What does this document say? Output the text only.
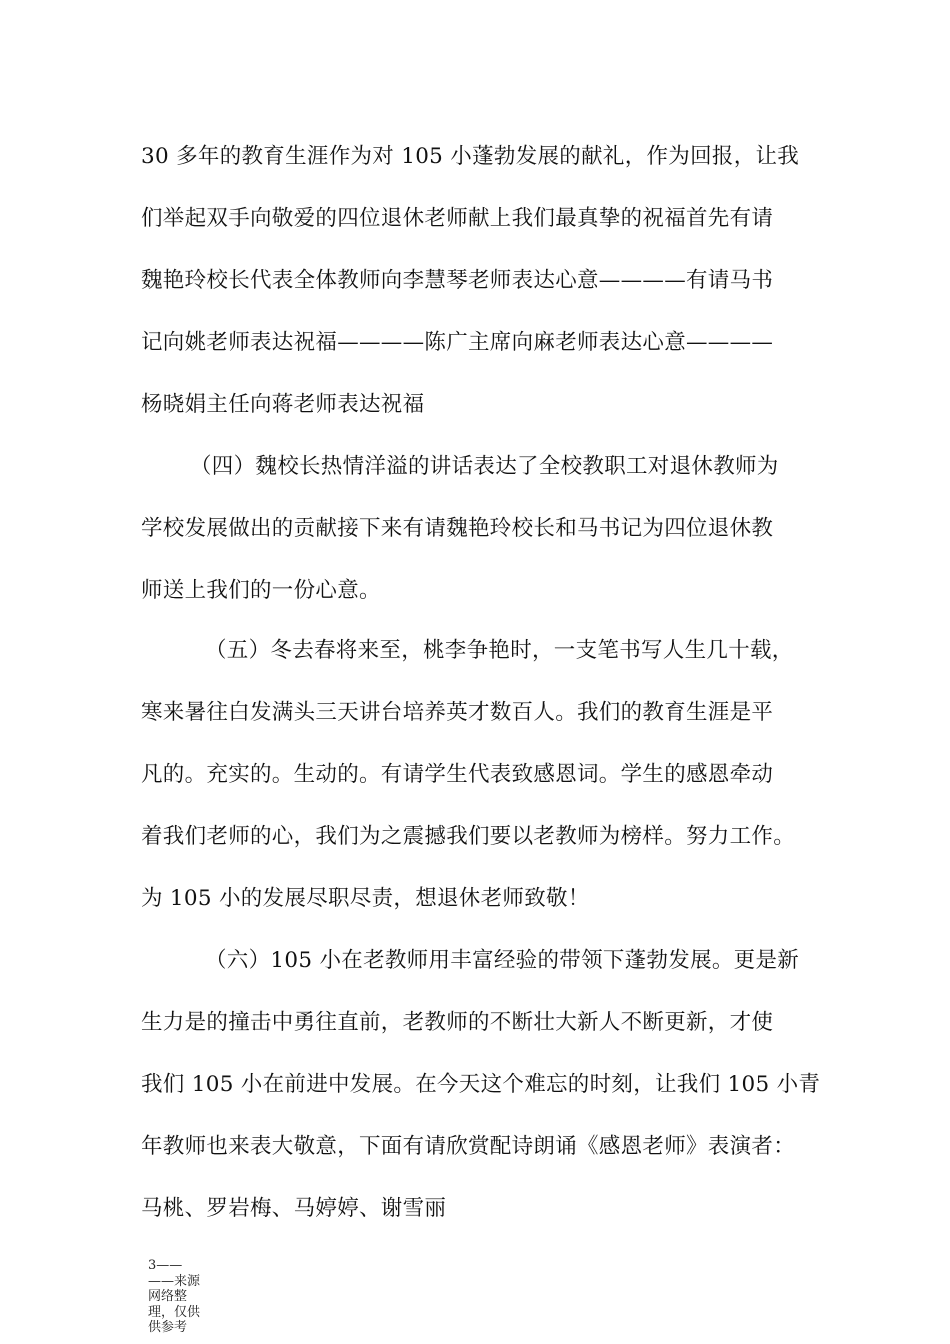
30 多年的教育生涯作为对 105 小蓬勃发展的献礼，作为回报，让我
们举起双手向敬爱的四位退休老师献上我们最真挚的祝福首先有请
魏艳玲校长代表全体教师向李慧琴老师表达心意————有请马书
记向姚老师表达祝福————陈广主席向麻老师表达心意————
杨晓娟主任向蒋老师表达祝福
（四）魏校长热情洋溢的讲话表达了全校教职工对退休教师为
学校发展做出的贡献接下来有请魏艳玲校长和马书记为四位退休教
师送上我们的一份心意。
（五）冬去春将来至，桃李争艳时，一支笔书写人生几十载，
寒来暑往白发满头三天讲台培养英才数百人。我们的教育生涯是平
凡的。充实的。生动的。有请学生代表致感恩词。学生的感恩牵动
着我们老师的心，我们为之震撼我们要以老教师为榜样。努力工作。
为 105 小的发展尽职尽责，想退休老师致敬！
（六）105 小在老教师用丰富经验的带领下蓬勃发展。更是新
生力是的撞击中勇往直前，老教师的不断壮大新人不断更新，才使
我们 105 小在前进中发展。在今天这个难忘的时刻，让我们 105 小青
年教师也来表大敬意，下面有请欣赏配诗朗诵《感恩老师》表演者：
马桃、罗岩梅、马婷婷、谢雪丽
3—— ——来源网络整理，仅供供参考
